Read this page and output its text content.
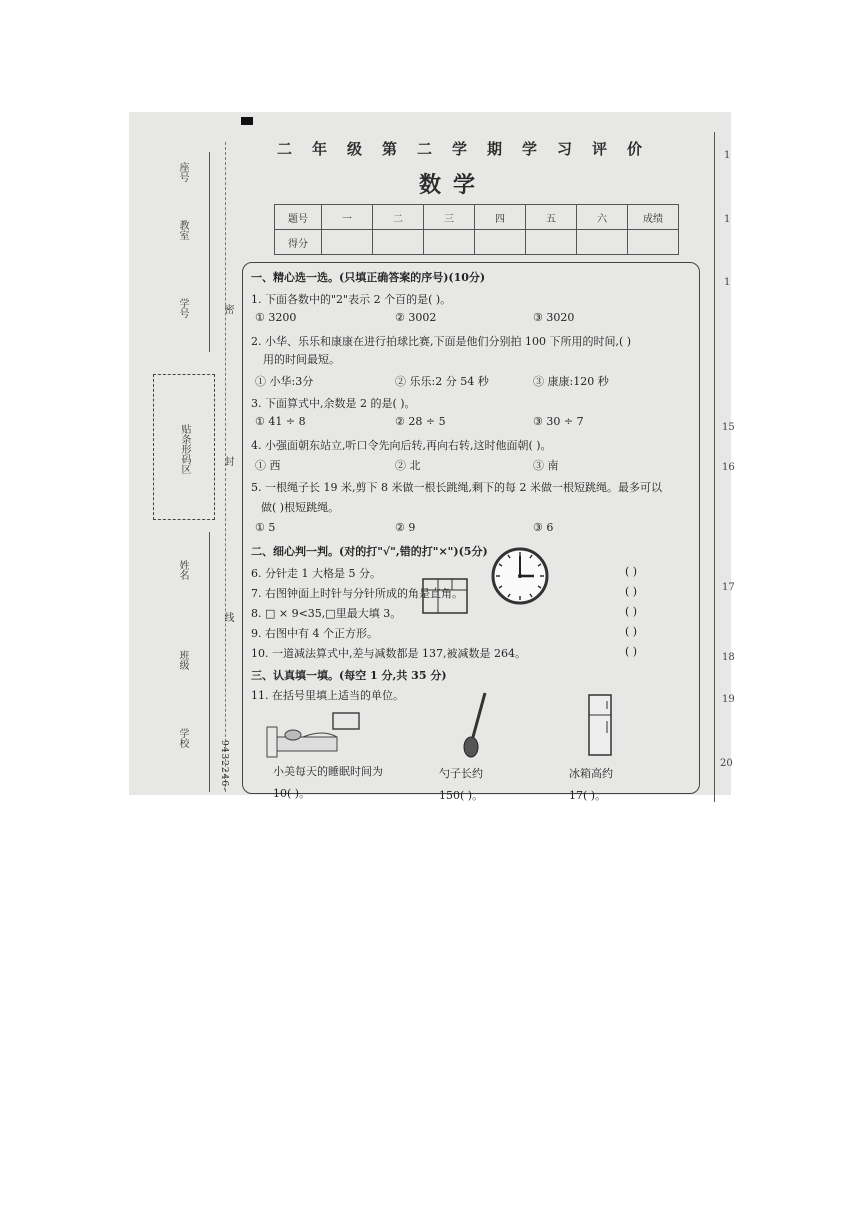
座号
教室
学号
贴条形码区
姓名
班级
学校
密
封
线
9432246-
二年级第二学期学习评价
数学
题号	一	二	三	四	五	六	成绩
得分							
一、精心选一选。(只填正确答案的序号)(10分)
1. 下面各数中的"2"表示 2 个百的是( )。
① 3200	② 3002	③ 3020
2. 小华、乐乐和康康在进行拍球比赛,下面是他们分别拍 100 下所用的时间,( )
用的时间最短。
① 小华:3分	② 乐乐:2 分 54 秒	③ 康康:120 秒
3. 下面算式中,余数是 2 的是( )。
① 41 ÷ 8	② 28 ÷ 5	③ 30 ÷ 7
4. 小强面朝东站立,听口令先向后转,再向右转,这时他面朝( )。
① 西	② 北	③ 南
5. 一根绳子长 19 米,剪下 8 米做一根长跳绳,剩下的每 2 米做一根短跳绳。最多可以
做( )根短跳绳。
① 5	② 9	③ 6
二、细心判一判。(对的打"√",错的打"×")(5分)
6. 分针走 1 大格是 5 分。
7. 右图钟面上时针与分针所成的角是直角。
8. □ × 9<35,□里最大填 3。
9. 右图中有 4 个正方形。
10. 一道减法算式中,差与减数都是 137,被减数是 264。
( )
( )
( )
( )
( )
三、认真填一填。(每空 1 分,共 35 分)
11. 在括号里填上适当的单位。
小美每天的睡眠时间为
10( )。
勺子长约
150( )。
冰箱高约
17( )。
1
1
1
15
16
17
18
19
20
